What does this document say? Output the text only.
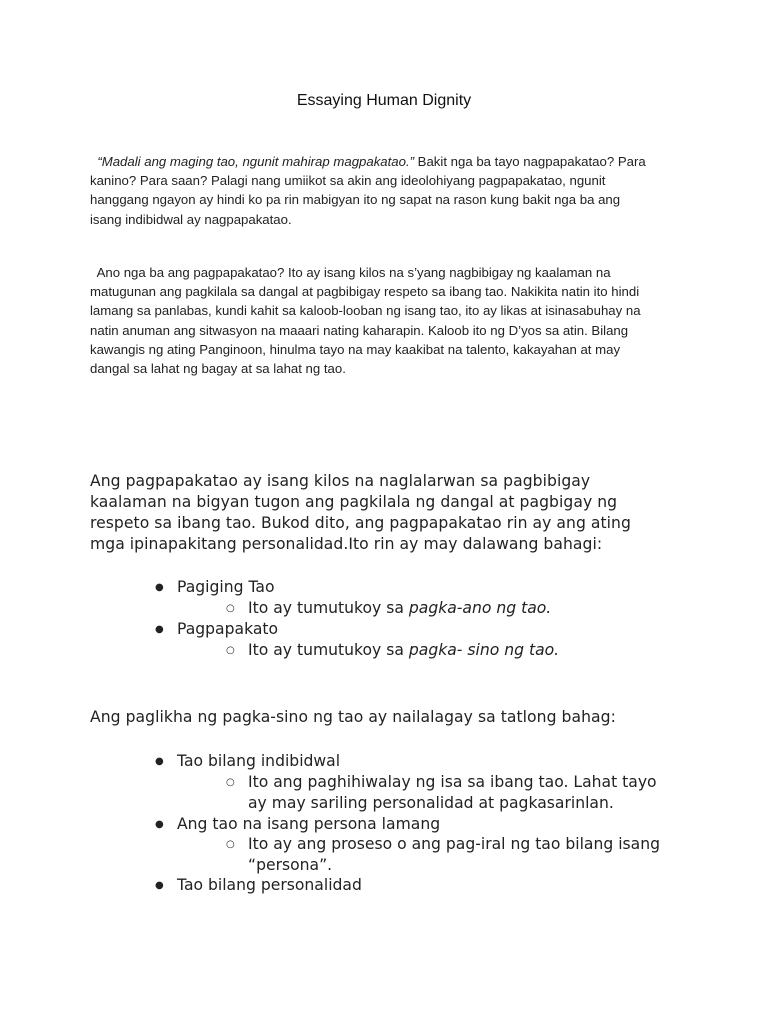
Essaying Human Dignity
“Madali ang maging tao, ngunit mahirap magpakatao.” Bakit nga ba tayo nagpapakatao? Para
kanino? Para saan? Palagi nang umiikot sa akin ang ideolohiyang pagpapakatao, ngunit
hanggang ngayon ay hindi ko pa rin mabigyan ito ng sapat na rason kung bakit nga ba ang
isang indibidwal ay nagpapakatao.
Ano nga ba ang pagpapakatao? Ito ay isang kilos na s’yang nagbibigay ng kaalaman na
matugunan ang pagkilala sa dangal at pagbibigay respeto sa ibang tao. Nakikita natin ito hindi
lamang sa panlabas, kundi kahit sa kaloob-looban ng isang tao, ito ay likas at isinasabuhay na
natin anuman ang sitwasyon na maaari nating kaharapin. Kaloob ito ng D’yos sa atin. Bilang
kawangis ng ating Panginoon, hinulma tayo na may kaakibat na talento, kakayahan at may
dangal sa lahat ng bagay at sa lahat ng tao.
Ang pagpapakatao ay isang kilos na naglalarwan sa pagbibigay
kaalaman na bigyan tugon ang pagkilala ng dangal at pagbigay ng
respeto sa ibang tao. Bukod dito, ang pagpapakatao rin ay ang ating
mga ipinapakitang personalidad.Ito rin ay may dalawang bahagi:
● Pagiging Tao
○ Ito ay tumutukoy sa pagka-ano ng tao.
● Pagpapakato
○ Ito ay tumutukoy sa pagka- sino ng tao.
Ang paglikha ng pagka-sino ng tao ay nailalagay sa tatlong bahag:
● Tao bilang indibidwal
○ Ito ang paghihiwalay ng isa sa ibang tao. Lahat tayo
ay may sariling personalidad at pagkasarinlan.
● Ang tao na isang persona lamang
○ Ito ay ang proseso o ang pag-iral ng tao bilang isang
“persona”.
● Tao bilang personalidad
